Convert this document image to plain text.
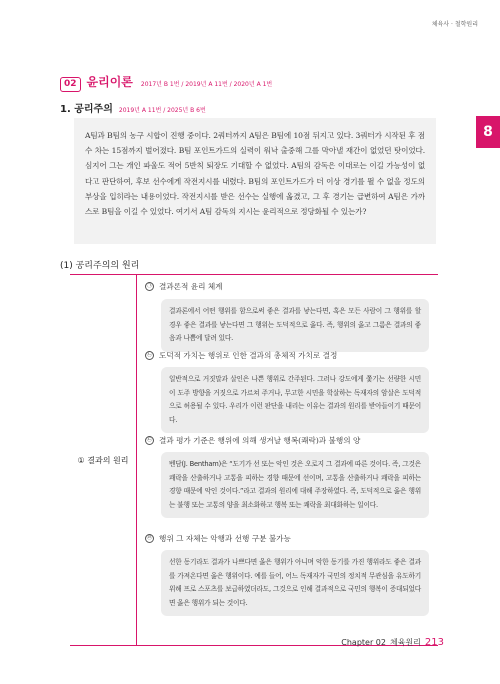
체육사 · 철학원리
8
02 윤리이론 2017년 B 1번 / 2019년 A 11번 / 2020년 A 1번
1. 공리주의 2019년 A 11번 / 2025년 B 6번
A팀과 B팀의 농구 시합이 진행 중이다. 2쿼터까지 A팀은 B팀에 10점 뒤지고 있다. 3쿼터가 시작된 후 점수 차는 15점까지 벌어졌다. B팀 포인트가드의 실력이 워낙 출중해 그를 막아낼 재간이 없었던 탓이었다. 심지어 그는 개인 파울도 적어 5반칙 퇴장도 기대할 수 없었다. A팀의 감독은 이대로는 이길 가능성이 없다고 판단하여, 후보 선수에게 작전지시를 내렸다. B팀의 포인트가드가 더 이상 경기를 뛸 수 없을 정도의 부상을 입히라는 내용이었다. 작전지시를 받은 선수는 실행에 옮겼고, 그 후 경기는 급변하여 A팀은 가까스로 B팀을 이길 수 있었다. 여기서 A팀 감독의 지시는 윤리적으로 정당화될 수 있는가?
(1) 공리주의의 원리
① 결과의 원리
㉠ 결과론적 윤리 체계
결과론에서 어떤 행위를 함으로써 좋은 결과를 낳는다면, 혹은 모든 사람이 그 행위를 할 경우 좋은 결과를 낳는다면 그 행위는 도덕적으로 옳다. 즉, 행위의 옳고 그름은 결과의 좋음과 나쁨에 달려 있다.
㉡ 도덕적 가치는 행위로 인한 결과의 총체적 가치로 결정
일반적으로 거짓말과 살인은 나쁜 행위로 간주된다. 그러나 강도에게 쫓기는 선량한 시민이 도주 방향을 거짓으로 가르쳐 주거나, 무고한 시민을 학살하는 독재자의 암살은 도덕적으로 허용될 수 있다. 우리가 이런 판단을 내리는 이유는 결과의 원리를 받아들이기 때문이다.
㉢ 결과 평가 기준은 행위에 의해 생겨날 행복(쾌락)과 불행의 양
벤담(J. Bentham)은 “도기가 선 또는 악인 것은 오로지 그 결과에 따른 것이다. 즉, 그것은 쾌락을 산출하거나 고통을 피하는 경향 때문에 선이며, 고통을 산출하거나 쾌락을 피하는 경향 때문에 악인 것이다.”라고 결과의 원리에 대해 주장하였다. 즉, 도덕적으로 옳은 행위는 불행 또는 고통의 양을 최소화하고 행복 또는 쾌락을 최대화하는 일이다.
㉣ 행위 그 자체는 악행과 선행 구분 불가능
선한 동기라도 결과가 나쁘다면 옳은 행위가 아니며 악한 동기를 가진 행위라도 좋은 결과를 가져온다면 옳은 행위이다. 예를 들어, 어느 독재자가 국민의 정치적 무관심을 유도하기 위해 프로 스포츠를 보급하였더라도, 그것으로 인해 결과적으로 국민의 행복이 증대되었다면 옳은 행위가 되는 것이다.
Chapter 02 체육원리 213
